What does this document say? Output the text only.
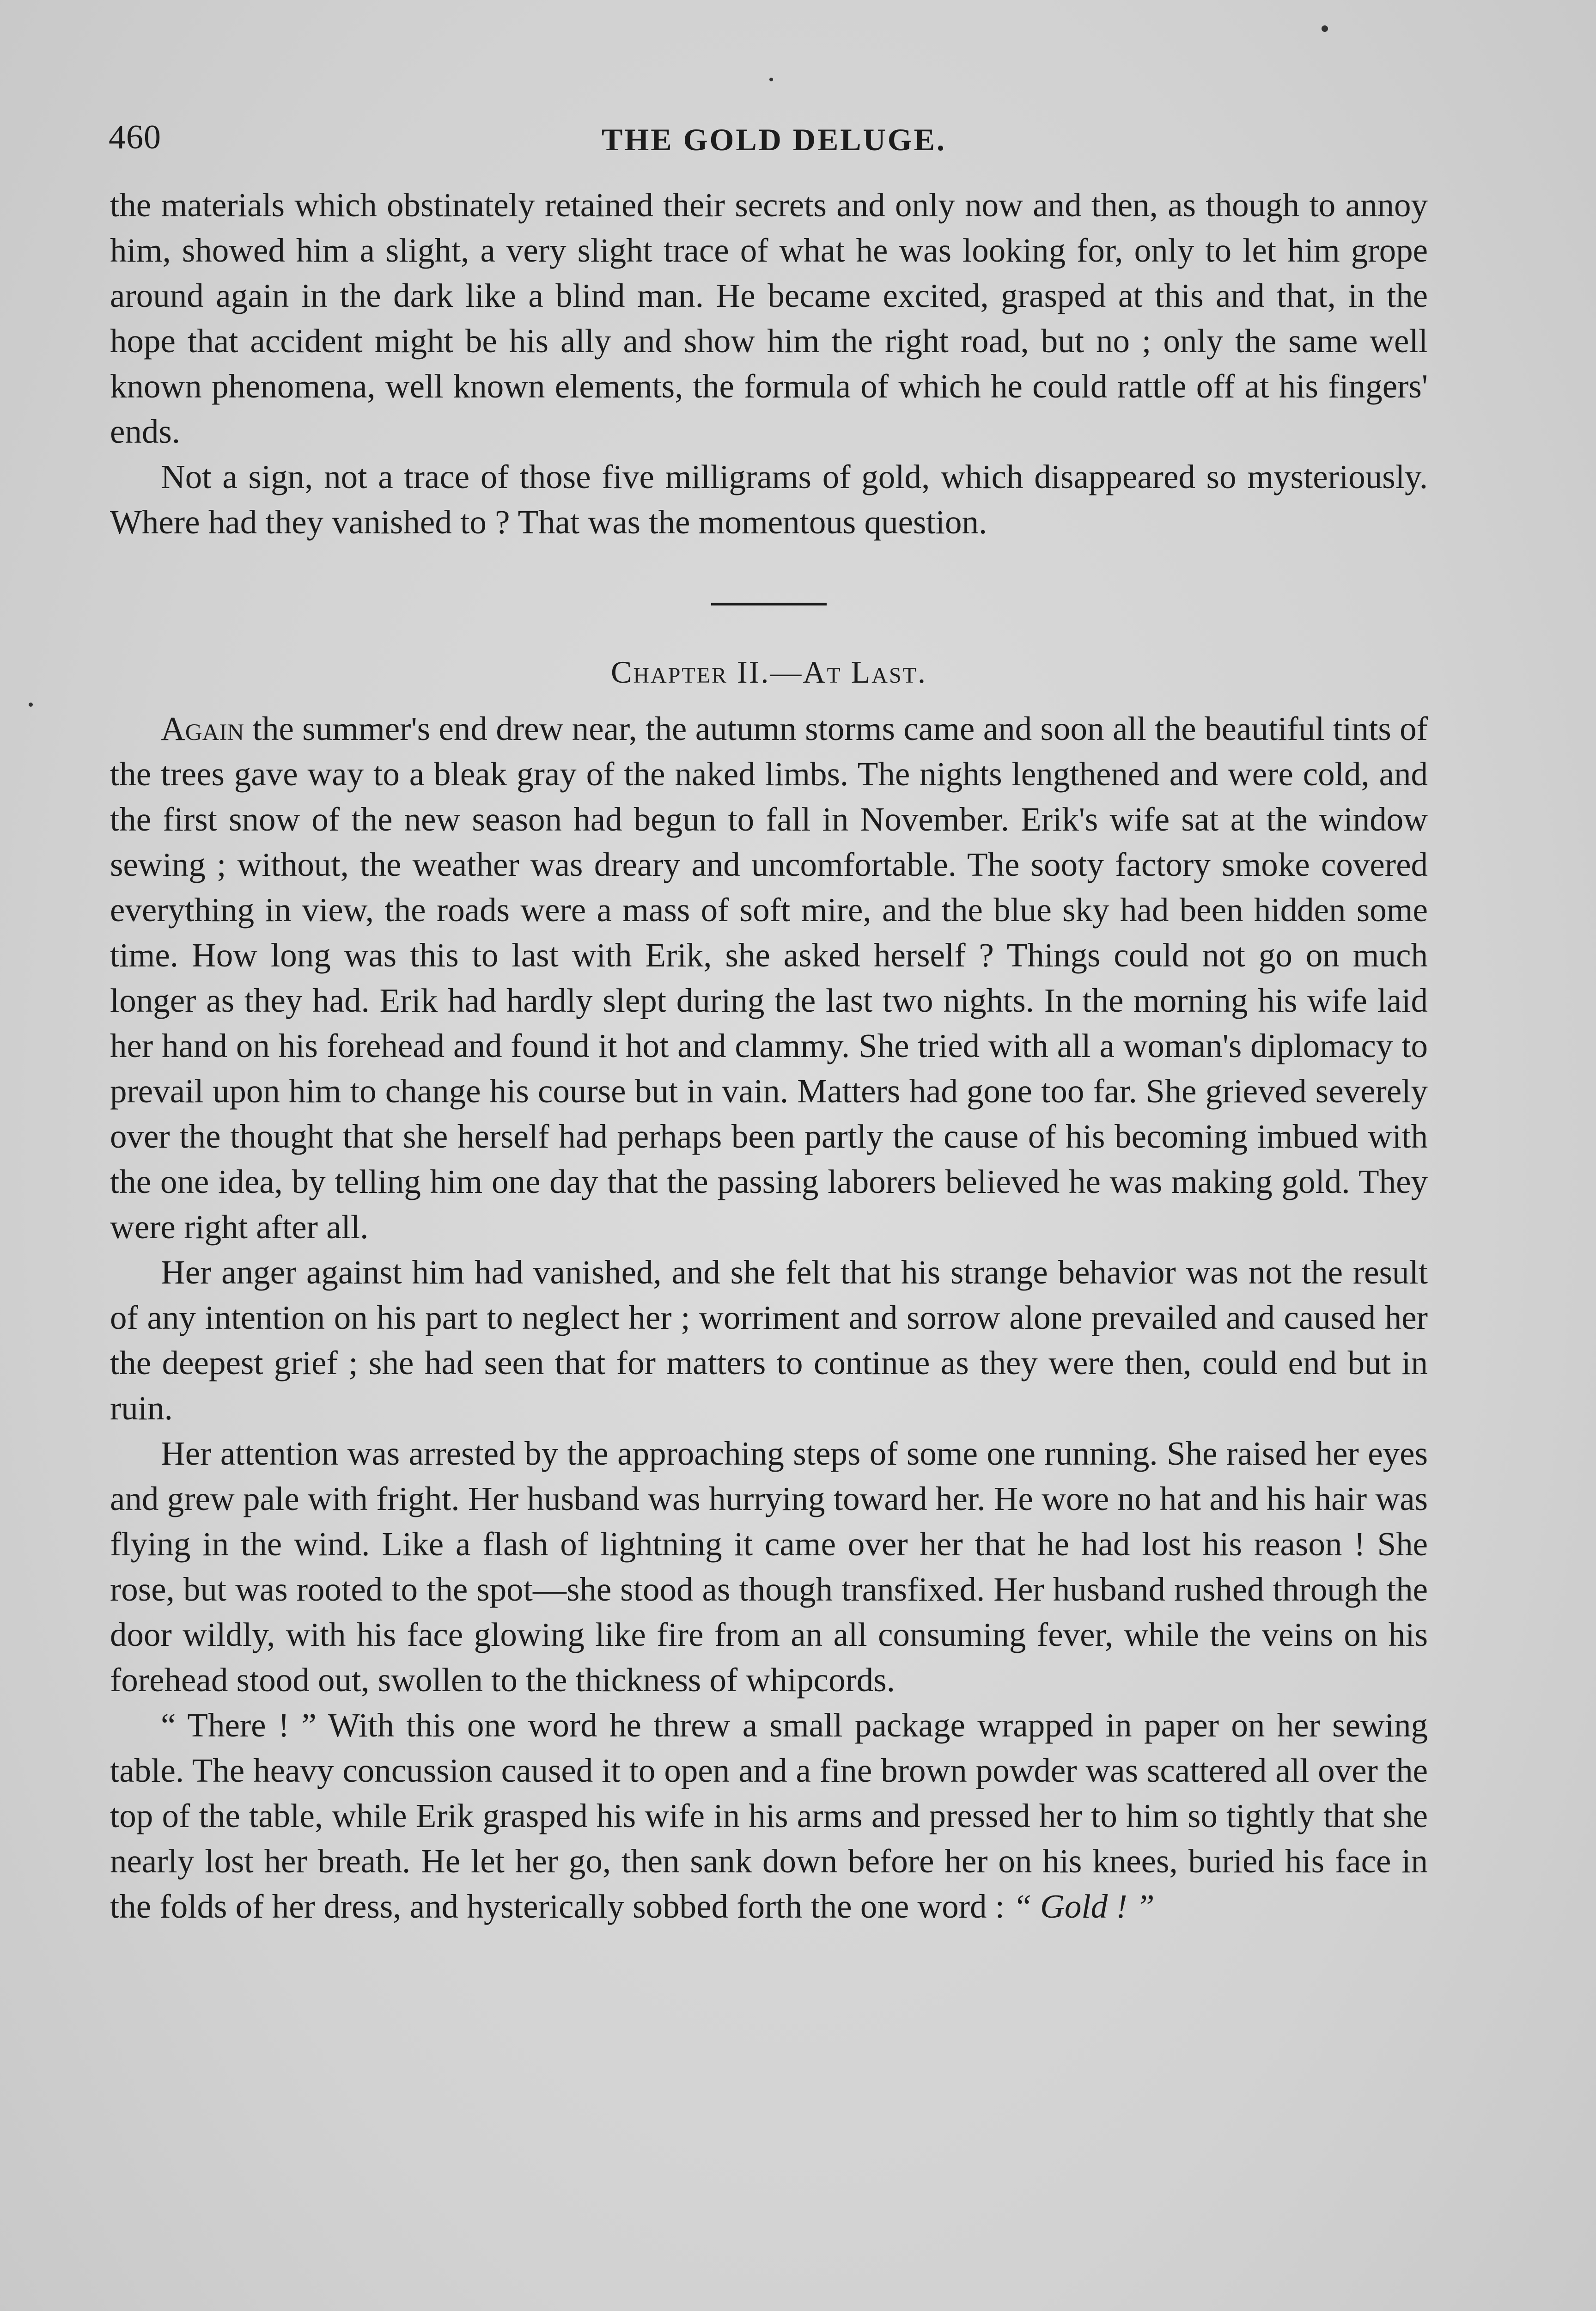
460	THE GOLD DELUGE.

the materials which obstinately retained their secrets and only now and then, as though to annoy him, showed him a slight, a very slight trace of what he was looking for, only to let him grope around again in the dark like a blind man. He became excited, grasped at this and that, in the hope that accident might be his ally and show him the right road, but no ; only the same well known phenomena, well known elements, the formula of which he could rattle off at his fingers' ends.

Not a sign, not a trace of those five milligrams of gold, which disappeared so mysteriously. Where had they vanished to ? That was the momentous question.

Chapter II.—At Last.

Again the summer's end drew near, the autumn storms came and soon all the beautiful tints of the trees gave way to a bleak gray of the naked limbs. The nights lengthened and were cold, and the first snow of the new season had begun to fall in November. Erik's wife sat at the window sewing ; without, the weather was dreary and uncomfortable. The sooty factory smoke covered everything in view, the roads were a mass of soft mire, and the blue sky had been hidden some time. How long was this to last with Erik, she asked herself ? Things could not go on much longer as they had. Erik had hardly slept during the last two nights. In the morning his wife laid her hand on his forehead and found it hot and clammy. She tried with all a woman's diplomacy to prevail upon him to change his course but in vain. Matters had gone too far. She grieved severely over the thought that she herself had perhaps been partly the cause of his becoming imbued with the one idea, by telling him one day that the passing laborers believed he was making gold. They were right after all.

Her anger against him had vanished, and she felt that his strange behavior was not the result of any intention on his part to neglect her ; worriment and sorrow alone prevailed and caused her the deepest grief ; she had seen that for matters to continue as they were then, could end but in ruin.

Her attention was arrested by the approaching steps of some one running. She raised her eyes and grew pale with fright. Her husband was hurrying toward her. He wore no hat and his hair was flying in the wind. Like a flash of lightning it came over her that he had lost his reason ! She rose, but was rooted to the spot—she stood as though transfixed. Her husband rushed through the door wildly, with his face glowing like fire from an all consuming fever, while the veins on his forehead stood out, swollen to the thickness of whipcords.

“ There ! ” With this one word he threw a small package wrapped in paper on her sewing table. The heavy concussion caused it to open and a fine brown powder was scattered all over the top of the table, while Erik grasped his wife in his arms and pressed her to him so tightly that she nearly lost her breath. He let her go, then sank down before her on his knees, buried his face in the folds of her dress, and hysterically sobbed forth the one word : “ Gold ! ”
